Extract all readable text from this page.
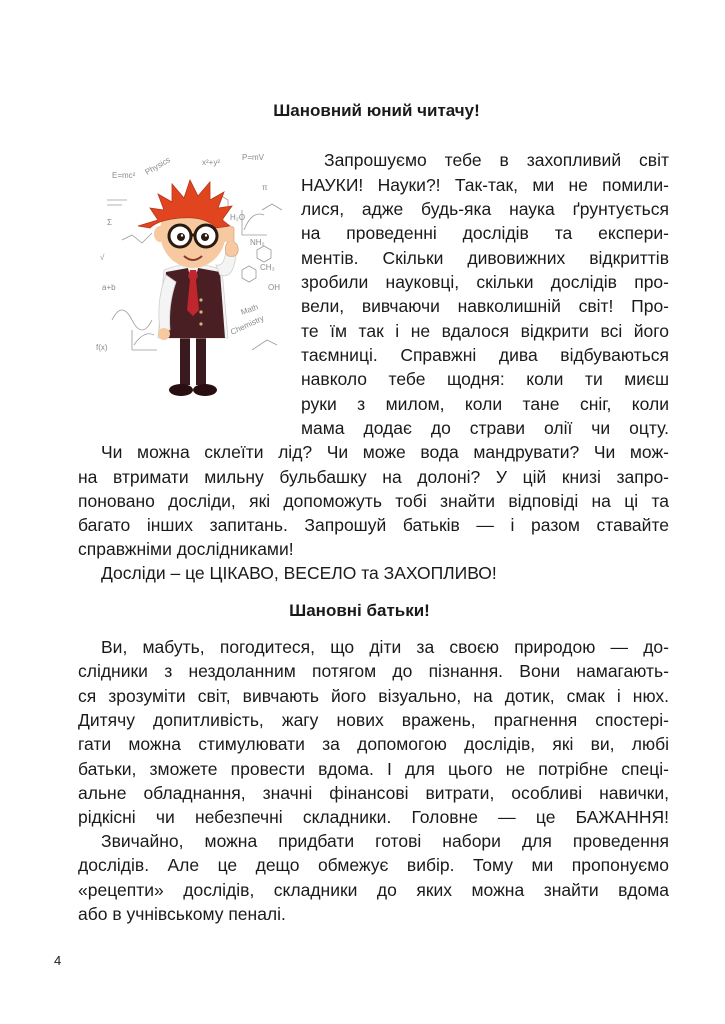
Шановний юний читачу!
E=mc² Physics
H₂O
Math
Chemistry
x²+y²
f(x)
√
π
Σ
P=mV
a+b
CH₃
NH₂
OH

Запрошуємо тебе в захопливий світ

НАУКИ! Науки?! Так-так, ми не помили-

лися, адже будь-яка наука ґрунтується

на проведенні дослідів та експери-

ментів. Скільки дивовижних відкриттів

зробили науковці, скільки дослідів про-

вели, вивчаючи навколишній світ! Про-

те їм так і не вдалося відкрити всі його

таємниці. Справжні дива відбуваються

навколо тебе щодня: коли ти миєш

руки з милом, коли тане сніг, коли

мама додає до страви олії чи оцту.

Чи можна склеїти лід? Чи може вода мандрувати? Чи мож-

на втримати мильну бульбашку на долоні? У цій книзі запро-

поновано досліди, які допоможуть тобі знайти відповіді на ці та

багато інших запитань. Запрошуй батьків — і разом ставайте

справжніми дослідниками!

Досліди – це ЦІКАВО, ВЕСЕЛО та ЗАХОПЛИВО!

Шановні батьки!

Ви, мабуть, погодитеся, що діти за своєю природою — до-

слідники з нездоланним потягом до пізнання. Вони намагають-

ся зрозуміти світ, вивчають його візуально, на дотик, смак і нюх.

Дитячу допитливість, жагу нових вражень, прагнення спостері-

гати можна стимулювати за допомогою дослідів, які ви, любі

батьки, зможете провести вдома. І для цього не потрібне спеці-

альне обладнання, значні фінансові витрати, особливі навички,

рідкісні чи небезпечні складники. Головне — це БАЖАННЯ!

Звичайно, можна придбати готові набори для проведення

дослідів. Але це дещо обмежує вибір. Тому ми пропонуємо

«рецепти» дослідів, складники до яких можна знайти вдома

або в учнівському пеналі.

4
